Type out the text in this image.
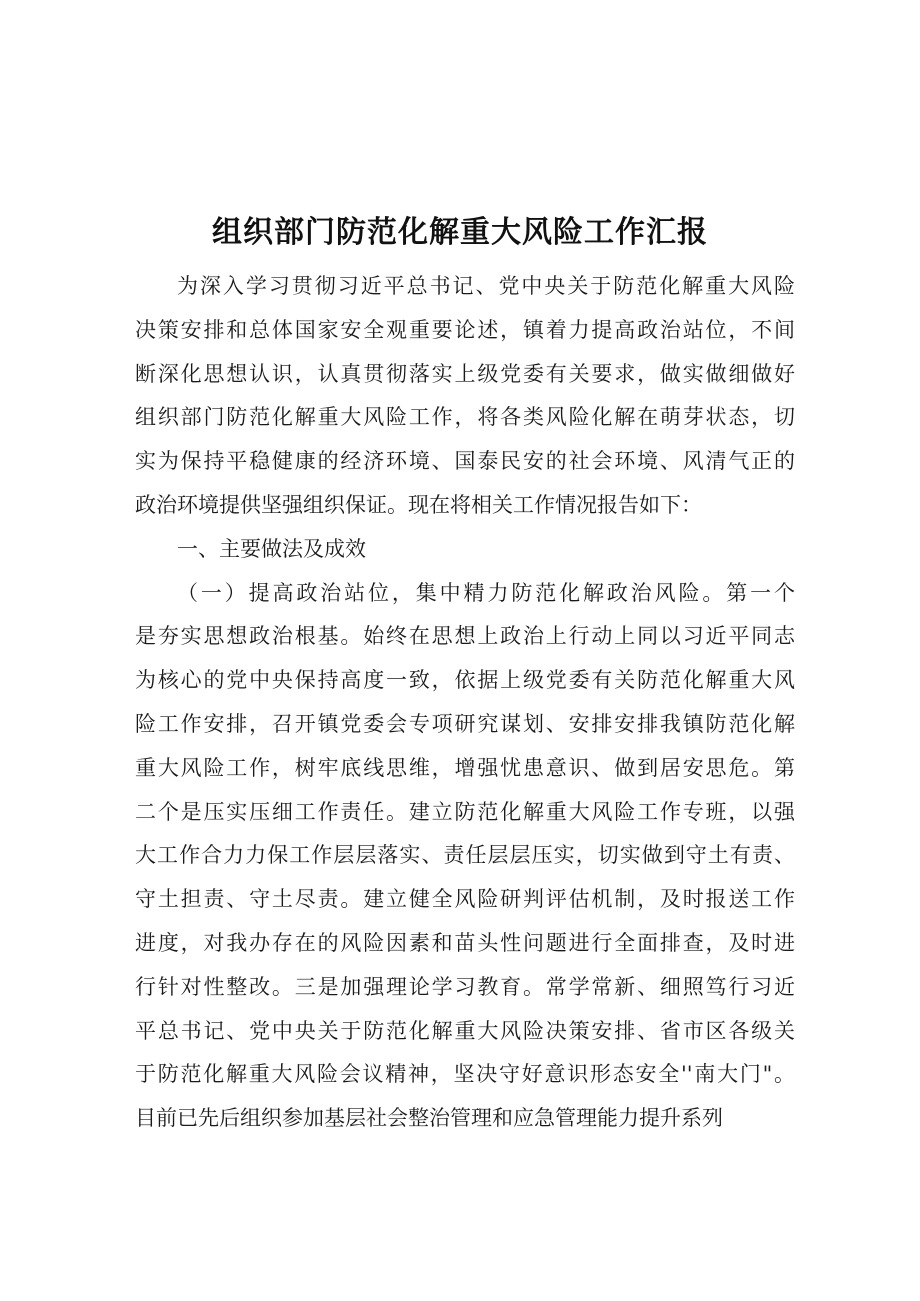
组织部门防范化解重大风险工作汇报
为深入学习贯彻习近平总书记、党中央关于防范化解重大风险
决策安排和总体国家安全观重要论述，镇着力提高政治站位，不间
断深化思想认识，认真贯彻落实上级党委有关要求，做实做细做好
组织部门防范化解重大风险工作，将各类风险化解在萌芽状态，切
实为保持平稳健康的经济环境、国泰民安的社会环境、风清气正的
政治环境提供坚强组织保证。现在将相关工作情况报告如下：
一、主要做法及成效
（一）提高政治站位，集中精力防范化解政治风险。第一个
是夯实思想政治根基。始终在思想上政治上行动上同以习近平同志
为核心的党中央保持高度一致，依据上级党委有关防范化解重大风
险工作安排，召开镇党委会专项研究谋划、安排安排我镇防范化解
重大风险工作，树牢底线思维，增强忧患意识、做到居安思危。第
二个是压实压细工作责任。建立防范化解重大风险工作专班，以强
大工作合力力保工作层层落实、责任层层压实，切实做到守土有责、
守土担责、守土尽责。建立健全风险研判评估机制，及时报送工作
进度，对我办存在的风险因素和苗头性问题进行全面排查，及时进
行针对性整改。三是加强理论学习教育。常学常新、细照笃行习近
平总书记、党中央关于防范化解重大风险决策安排、省市区各级关
于防范化解重大风险会议精神，坚决守好意识形态安全''南大门"。
目前已先后组织参加基层社会整治管理和应急管理能力提升系列
